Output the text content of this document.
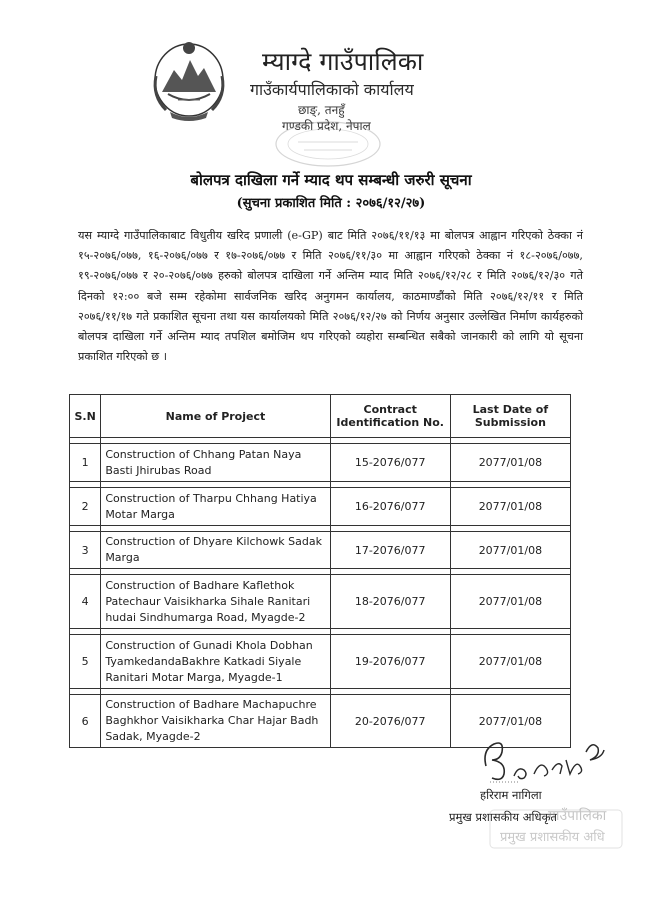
म्याग्दे गाउँपालिका
गाउँकार्यपालिकाको कार्यालय
छाङ्, तनहुँ
गण्डकी प्रदेश, नेपाल
बोलपत्र दाखिला गर्ने म्याद थप सम्बन्धी जरुरी सूचना
(सुचना प्रकाशित मिति : २०७६/१२/२७)

यस म्याग्दे गाउँपालिकाबाट विधुतीय खरिद प्रणाली (e-GP) बाट मिति २०७६/११/१३ मा बोलपत्र आह्वान गरिएको ठेक्का नं १५-२०७६/०७७, १६-२०७६/०७७ र १७-२०७६/०७७ र मिति २०७६/११/३० मा आह्वान गरिएको ठेक्का नं १८-२०७६/०७७, १९-२०७६/०७७ र २०-२०७६/०७७ हरुको बोलपत्र दाखिला गर्ने अन्तिम म्याद मिति २०७६/१२/२८ र मिति २०७६/१२/३० गते दिनको १२:०० बजे सम्म रहेकोमा सार्वजनिक खरिद अनुगमन कार्यालय, काठमाण्डौंको मिति २०७६/१२/११ र मिति २०७६/११/१७ गते प्रकाशित सूचना तथा यस कार्यालयको मिति २०७६/१२/२७ को निर्णय अनुसार उल्लेखित निर्माण कार्यहरुको बोलपत्र दाखिला गर्ने अन्तिम म्याद तपशिल बमोजिम थप गरिएको व्यहोरा सम्बन्धित सबैको जानकारी को लागि यो सूचना प्रकाशित गरिएको छ ।

S.N	Name of Project	Contract Identification No.	Last Date of Submission

1	Construction of Chhang Patan Naya Basti Jhirubas Road	15-2076/077	2077/01/08

2	Construction of Tharpu Chhang Hatiya Motar Marga	16-2076/077	2077/01/08

3	Construction of Dhyare Kilchowk Sadak Marga	17-2076/077	2077/01/08

4	Construction of Badhare Kaflethok Patechaur Vaisikharka Sihale Ranitari hudai Sindhumarga Road, Myagde-2	18-2076/077	2077/01/08

5	Construction of Gunadi Khola Dobhan TyamkedandaBakhre Katkadi Siyale Ranitari Motar Marga, Myagde-1	19-2076/077	2077/01/08

6	Construction of Badhare Machapuchre Baghkhor Vaisikharka Char Hajar Badh Sadak, Myagde-2	20-2076/077	2077/01/08
हरिराम नागिला
प्रमुख प्रशासकीय अधिकृत
गाउँपालिका
प्रमुख प्रशासकीय अधि
